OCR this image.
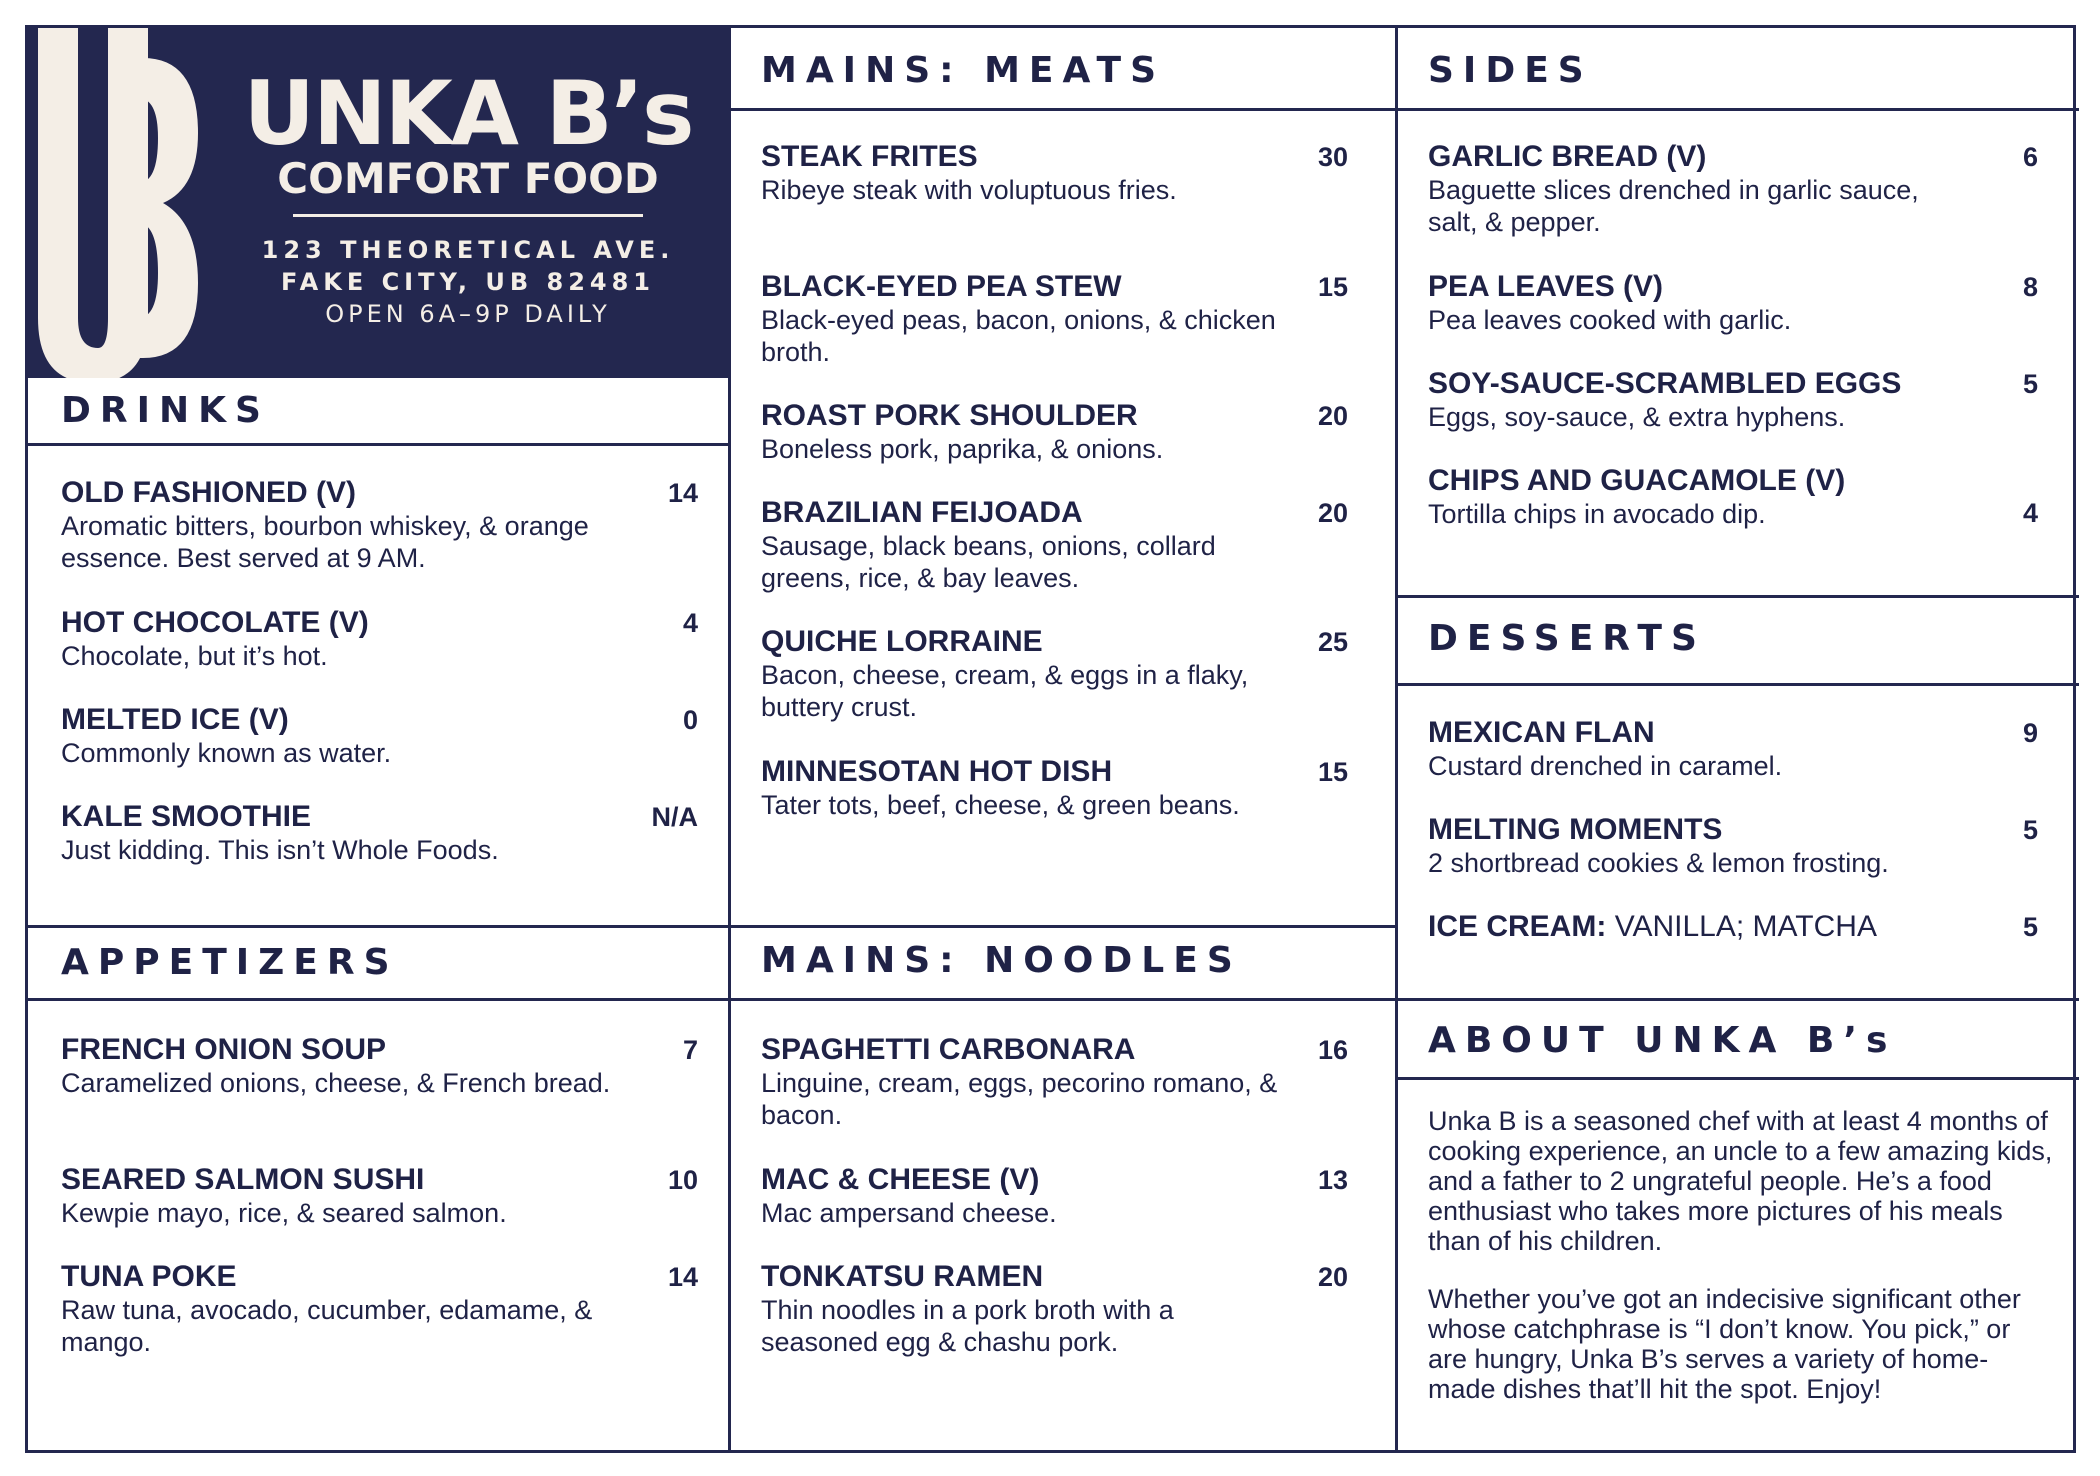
UNKA B’s
COMFORT FOOD
123 THEORETICAL AVE.
FAKE CITY, UB 82481
OPEN 6A–9P DAILY
DRINKS
APPETIZERS
MAINS: MEATS
MAINS: NOODLES
SIDES
DESSERTS
ABOUT UNKA B’s
OLD FASHIONED (V)
Aromatic bitters, bourbon whiskey, & orange essence. Best served at 9 AM.
14
HOT CHOCOLATE (V)
Chocolate, but it’s hot.
4
MELTED ICE (V)
Commonly known as water.
0
KALE SMOOTHIE
Just kidding. This isn’t Whole Foods.
N/A
FRENCH ONION SOUP
Caramelized onions, cheese, & French bread.
7
SEARED SALMON SUSHI
Kewpie mayo, rice, & seared salmon.
10
TUNA POKE
Raw tuna, avocado, cucumber, edamame, & mango.
14
STEAK FRITES
Ribeye steak with voluptuous fries.
30
BLACK-EYED PEA STEW
Black-eyed peas, bacon, onions, & chicken broth.
15
ROAST PORK SHOULDER
Boneless pork, paprika, & onions.
20
BRAZILIAN FEIJOADA
Sausage, black beans, onions, collard greens, rice, & bay leaves.
20
QUICHE LORRAINE
Bacon, cheese, cream, & eggs in a flaky, buttery crust.
25
MINNESOTAN HOT DISH
Tater tots, beef, cheese, & green beans.
15
SPAGHETTI CARBONARA
Linguine, cream, eggs, pecorino romano, & bacon.
16
MAC & CHEESE (V)
Mac ampersand cheese.
13
TONKATSU RAMEN
Thin noodles in a pork broth with a seasoned egg & chashu pork.
20
GARLIC BREAD (V)
Baguette slices drenched in garlic sauce, salt, & pepper.
6
PEA LEAVES (V)
Pea leaves cooked with garlic.
8
SOY-SAUCE-SCRAMBLED EGGS
Eggs, soy-sauce, & extra hyphens.
5
CHIPS AND GUACAMOLE (V)
Tortilla chips in avocado dip.	4
MEXICAN FLAN
Custard drenched in caramel.
9
MELTING MOMENTS
2 shortbread cookies & lemon frosting.
5
ICE CREAM: VANILLA; MATCHA	5

Unka B is a seasoned chef with at least 4 months of cooking experience, an uncle to a few amazing kids, and a father to 2 ungrateful people. He’s a food enthusiast who takes more pictures of his meals than of his children.

Whether you’ve got an indecisive significant other whose catchphrase is “I don’t know. You pick,” or are hungry, Unka B’s serves a variety of home-made dishes that’ll hit the spot. Enjoy!
